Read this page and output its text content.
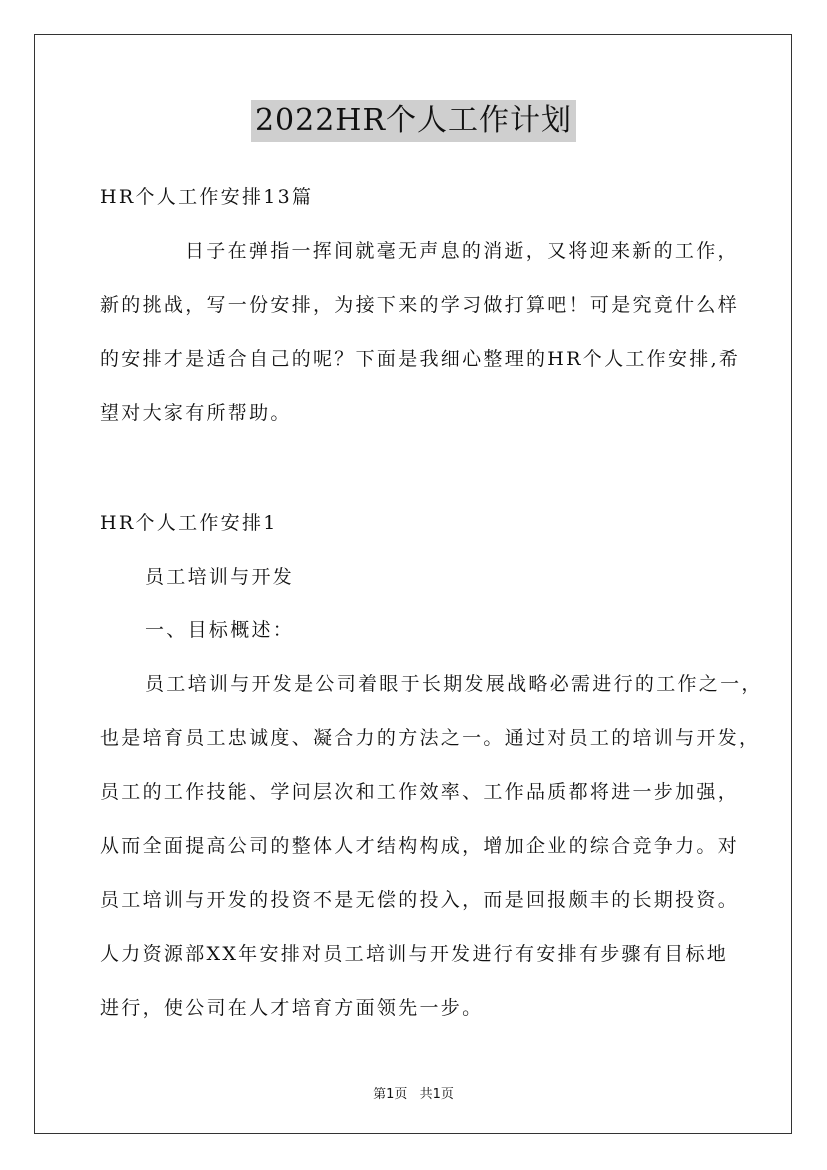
2022HR个人工作计划
HR个人工作安排13篇
日子在弹指一挥间就毫无声息的消逝，又将迎来新的工作，
新的挑战，写一份安排，为接下来的学习做打算吧！可是究竟什么样
的安排才是适合自己的呢？下面是我细心整理的HR个人工作安排,希
望对大家有所帮助。
HR个人工作安排1
员工培训与开发
一、目标概述：
员工培训与开发是公司着眼于长期发展战略必需进行的工作之一，
也是培育员工忠诚度、凝合力的方法之一。通过对员工的培训与开发，
员工的工作技能、学问层次和工作效率、工作品质都将进一步加强，
从而全面提高公司的整体人才结构构成，增加企业的综合竞争力。对
员工培训与开发的投资不是无偿的投入，而是回报颇丰的长期投资。
人力资源部XX年安排对员工培训与开发进行有安排有步骤有目标地
进行，使公司在人才培育方面领先一步。
第1页 共1页
